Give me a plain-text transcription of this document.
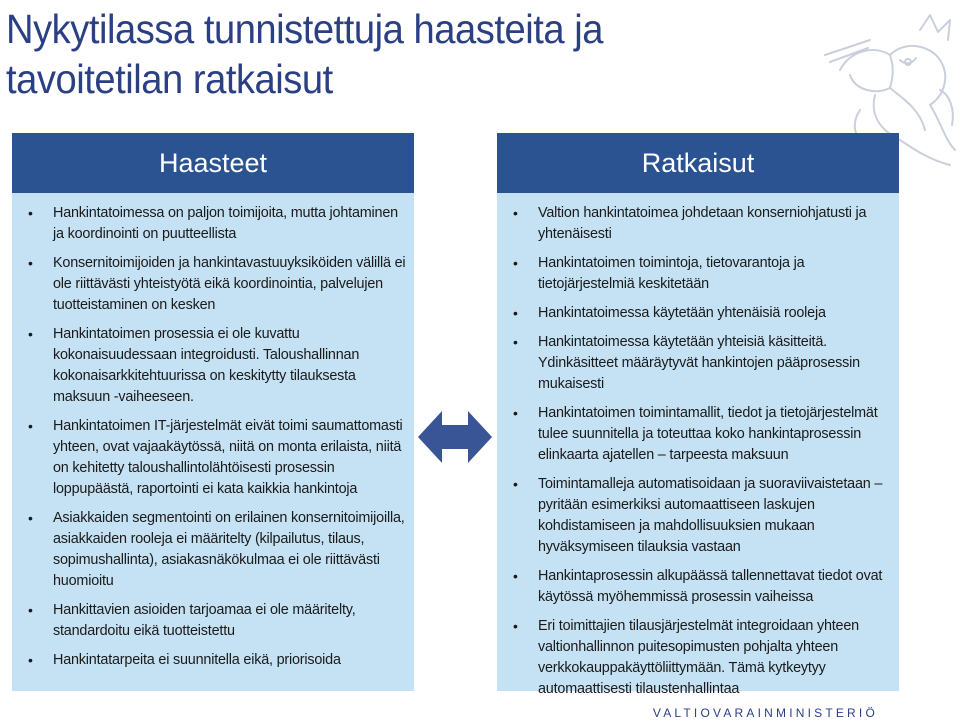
Nykytilassa tunnistettuja haasteita ja
tavoitetilan ratkaisut
Haasteet
• Hankintatoimessa on paljon toimijoita, mutta johtaminen ja koordinointi on puutteellista
• Konsernitoimijoiden ja hankintavastuuyksiköiden välillä ei ole riittävästi yhteistyötä eikä koordinointia, palvelujen tuotteistaminen on kesken
• Hankintatoimen prosessia ei ole kuvattu kokonaisuudessaan integroidusti. Taloushallinnan kokonaisarkkitehtuurissa on keskitytty tilauksesta maksuun -vaiheeseen.
• Hankintatoimen IT-järjestelmät eivät toimi saumattomasti yhteen, ovat vajaakäytössä, niitä on monta erilaista, niitä on kehitetty taloushallintolähtöisesti prosessin loppupäästä, raportointi ei kata kaikkia hankintoja
• Asiakkaiden segmentointi on erilainen konsernitoimijoilla, asiakkaiden rooleja ei määritelty (kilpailutus, tilaus, sopimushallinta), asiakasnäkökulmaa ei ole riittävästi huomioitu
• Hankittavien asioiden tarjoamaa ei ole määritelty, standardoitu eikä tuotteistettu
• Hankintatarpeita ei suunnitella eikä, priorisoida
Ratkaisut
• Valtion hankintatoimea johdetaan konserniohjatusti ja yhtenäisesti
• Hankintatoimen toimintoja, tietovarantoja ja tietojärjestelmiä keskitetään
• Hankintatoimessa käytetään yhtenäisiä rooleja
• Hankintatoimessa käytetään yhteisiä käsitteitä. Ydinkäsitteet määräytyvät hankintojen pääprosessin mukaisesti
• Hankintatoimen toimintamallit, tiedot ja tietojärjestelmät tulee suunnitella ja toteuttaa koko hankintaprosessin elinkaarta ajatellen – tarpeesta maksuun
• Toimintamalleja automatisoidaan ja suoraviivaistetaan – pyritään esimerkiksi automaattiseen laskujen kohdistamiseen ja mahdollisuuksien mukaan hyväksymiseen tilauksia vastaan
• Hankintaprosessin alkupäässä tallennettavat tiedot ovat käytössä myöhemmissä prosessin vaiheissa
• Eri toimittajien tilausjärjestelmät integroidaan yhteen valtionhallinnon puitesopimusten pohjalta yhteen verkkokauppakäyttöliittymään. Tämä kytkeytyy automaattisesti tilaustenhallintaa
VALTIOVARAINMINISTERIÖ
